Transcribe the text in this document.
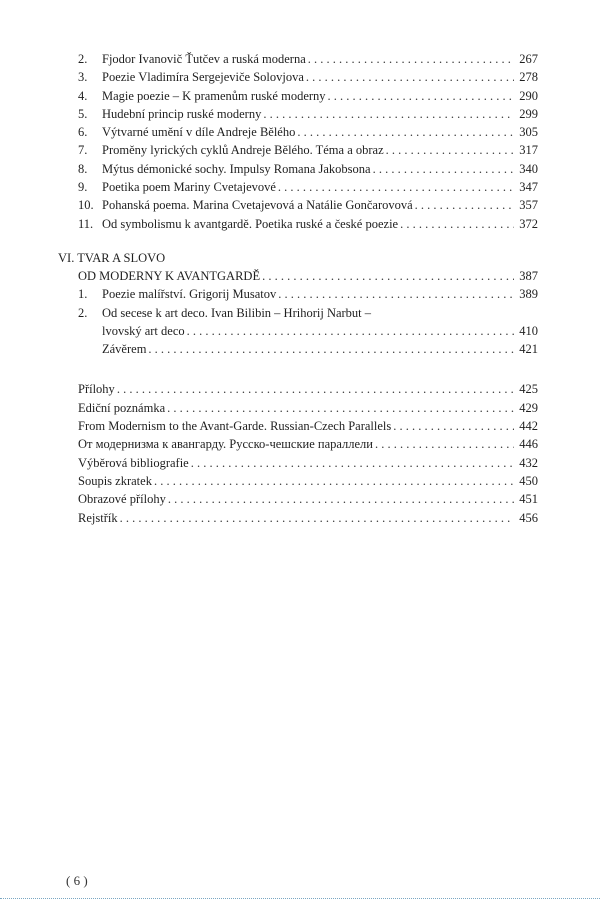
2.	Fjodor Ivanovič Ťutčev a ruská moderna . . .	267
3.	Poezie Vladimíra Sergejeviče Solovjova . . .	278
4.	Magie poezie – K pramenům ruské moderny . . .	290
5.	Hudební princip ruské moderny . . .	299
6.	Výtvarné umění v díle Andreje Bělého . . .	305
7.	Proměny lyrických cyklů Andreje Bělého. Téma a obraz . . .	317
8.	Mýtus démonické sochy. Impulsy Romana Jakobsona . . .	340
9.	Poetika poem Mariny Cvetajevové . . .	347
10. Pohanská poema. Marina Cvetajevová a Natálie Gončarovová . . .	357
11. Od symbolismu k avantgardě. Poetika ruské a české poezie . . .	372
VI. TVAR A SLOVO
OD MODERNY K AVANTGARDĚ . . .	387
1.	Poezie malířství. Grigorij Musatov . . .	389
2.	Od secese k art deco. Ivan Bilibin – Hrihorij Narbut –
lvovský art deco . . .	410
Závěrem . . .	421
Přílohy . . .	425
Ediční poznámka . . .	429
From Modernism to the Avant-Garde. Russian-Czech Parallels . . .	442
От модернизма к авангарду. Русско-чешские параллели . . .	446
Výběrová bibliografie . . .	432
Soupis zkratek . . .	450
Obrazové přílohy . . .	451
Rejstřík . . .	456
( 6 )
